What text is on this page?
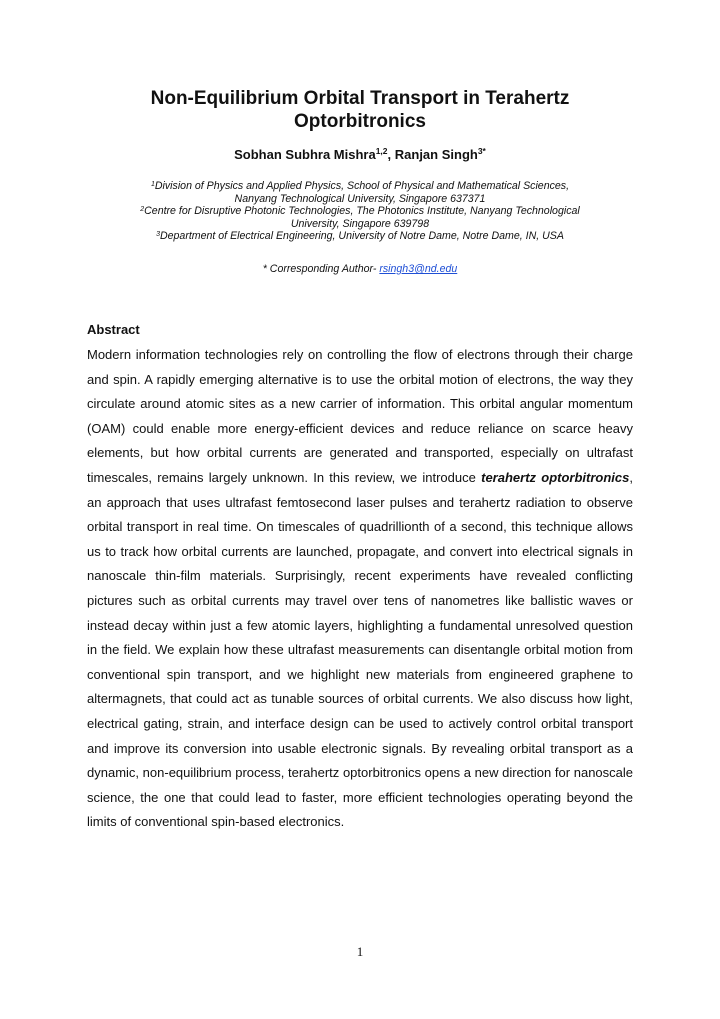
Non-Equilibrium Orbital Transport in Terahertz
Optorbitronics
Sobhan Subhra Mishra$^{1,2}$, Ranjan Singh$^{3*}$
$^1$Division of Physics and Applied Physics, School of Physical and Mathematical Sciences,
Nanyang Technological University, Singapore 637371
$^2$Centre for Disruptive Photonic Technologies, The Photonics Institute, Nanyang Technological
University, Singapore 639798
$^3$Department of Electrical Engineering, University of Notre Dame, Notre Dame, IN, USA
* Corresponding Author- rsingh3@nd.edu
Abstract
Modern information technologies rely on controlling the flow of electrons through their charge and spin. A rapidly emerging alternative is to use the orbital motion of electrons, the way they circulate around atomic sites as a new carrier of information. This orbital angular momentum (OAM) could enable more energy-efficient devices and reduce reliance on scarce heavy elements, but how orbital currents are generated and transported, especially on ultrafast timescales, remains largely unknown. In this review, we introduce terahertz optorbitronics, an approach that uses ultrafast femtosecond laser pulses and terahertz radiation to observe orbital transport in real time. On timescales of quadrillionth of a second, this technique allows us to track how orbital currents are launched, propagate, and convert into electrical signals in nanoscale thin-film materials. Surprisingly, recent experiments have revealed conflicting pictures such as orbital currents may travel over tens of nanometres like ballistic waves or instead decay within just a few atomic layers, highlighting a fundamental unresolved question in the field. We explain how these ultrafast measurements can disentangle orbital motion from conventional spin transport, and we highlight new materials from engineered graphene to altermagnets, that could act as tunable sources of orbital currents. We also discuss how light, electrical gating, strain, and interface design can be used to actively control orbital transport and improve its conversion into usable electronic signals. By revealing orbital transport as a dynamic, non-equilibrium process, terahertz optorbitronics opens a new direction for nanoscale science, the one that could lead to faster, more efficient technologies operating beyond the limits of conventional spin-based electronics.
1
